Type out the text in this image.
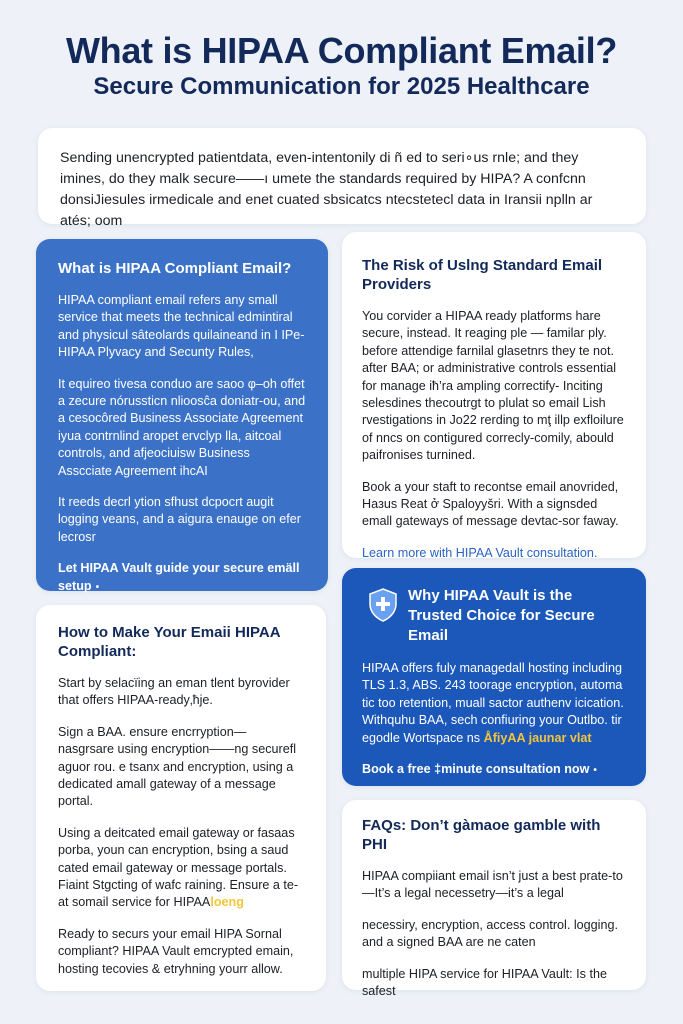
What is HIPAA Compliant Email?
Secure Communication for 2025 Healthcare

Sending unencrypted patientdata, even-intentonily di ñ ed to seri∘us rnle; and they imines, do they malk secure——ı umete the standards required by HIPA? A confcnn donsiJiesules irmedicale and enet cuated sbsicatcs ntecstetecl data in Iransii nplln ar atés; oom

What is HIPAA Compliant Email?

HIPAA compliant email refers any small service that meets the technical edmintiral and physicul sâteolards quilaineand in I IPe-HIPAA Plyvacy and Secunty Rules,

It equireo tivesa conduo are saoo φ–oh offet a zecure nórussticn nlioosĉa doniatr-ou, and a cesocôred Business Associate Agreement iyua contrnlind aropet ervclyp lla, aitcoal controls, and afjeociuisw Business Asscciate Agreement ihcAI

It reeds decrl ytion sfhust dcpocrt augit logging veans, and a aigura enauge on efer lecrosr

Let HIPAA Vault guide your secure emäll setup •

The Risk of Uslng Standard Email Providers

You corvider a HIPAA ready platforms hare secure, instead. It reaging ple — familar ply. before attendige farnilal glasetnrs they te not. after BAA; or administrative controls essential for manage iħ’ra ampling correctify- Inciting selesdines thecoutrgt to plulat so email Lish rvestigations in Jo22 rerding to mţ illp exfloilure of nncs on contigured correcly-comily, abould paifronises turnined.

Book a your staft to recontse email anovrided, Haзus Reat ở Spaloyyšri. With a signsded emall gateways of message devtac-sor faway.

Learn more with HIPAA Vault consultation.

How to Make Your Emaii HIPAA Compliant:

Start by selacïing an eman tlent byrovider that offers HIPAA-ready‚ħje.

Sign a BAA. ensure encrryption— nasgrsare using encryption——ng securefl aguor rou. e tsanx and encryption, using a dedicated amall gateway of a message portal.

Using a deitcated email gateway or fasaas porba, youn can encryption, bsing a saud cated email gateway or message portals. Fiaint Stgcting of wafc raining. Ensure a te-at somail service for HIPAAloeng

Ready to securs your email HIPA Sornal compliant? HIPAA Vault emcrypted emain, hosting tecovies & etryhning yourr allow.

Why HIPAA Vault is the Trusted Choice for Secure Email

HIPAA offers fuly managedall hosting including TLS 1.3, ABS. 243 toorage encryption, automa tic too retention, muall sactor authenv icication. Withquhu BAA, sech confiuring your Outlbo. tir egodle Wortspace ns ÅfiyAA jaunar vlat

Book a free ‡minute consultation now •

FAQs: Don’t gàmaoe gamble with PHI

HIPAA compiiant email isn’t just a best prate-to—It’s a legal necessetry—it’s a legal

necessiry, encryption, access control. logging. and a signed BAA are ne caten

multiple HIPA service for HIPAA Vault: Is the safest
